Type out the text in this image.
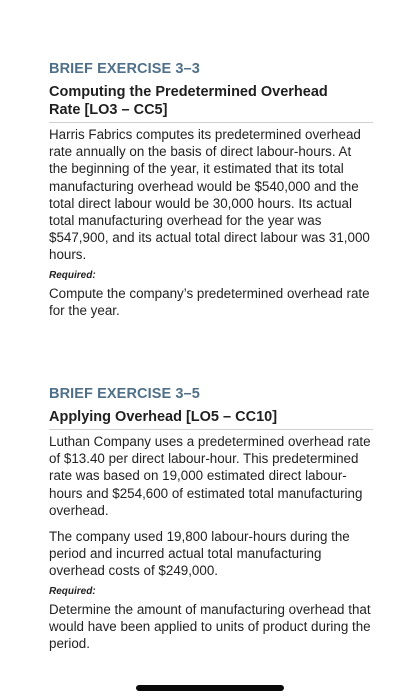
BRIEF EXERCISE 3–3
Computing the Predetermined Overhead
Rate [LO3 – CC5]

Harris Fabrics computes its predetermined overhead rate annually on the basis of direct labour-hours. At the beginning of the year, it estimated that its total manufacturing overhead would be $540,000 and the total direct labour would be 30,000 hours. Its actual total manufacturing overhead for the year was $547,900, and its actual total direct labour was 31,000 hours.

Required:

Compute the company’s predetermined overhead rate for the year.

BRIEF EXERCISE 3–5
Applying Overhead [LO5 – CC10]

Luthan Company uses a predetermined overhead rate of $13.40 per direct labour-hour. This predetermined rate was based on 19,000 estimated direct labour-hours and $254,600 of estimated total manufacturing overhead.

The company used 19,800 labour-hours during the period and incurred actual total manufacturing overhead costs of $249,000.

Required:

Determine the amount of manufacturing overhead that would have been applied to units of product during the period.
